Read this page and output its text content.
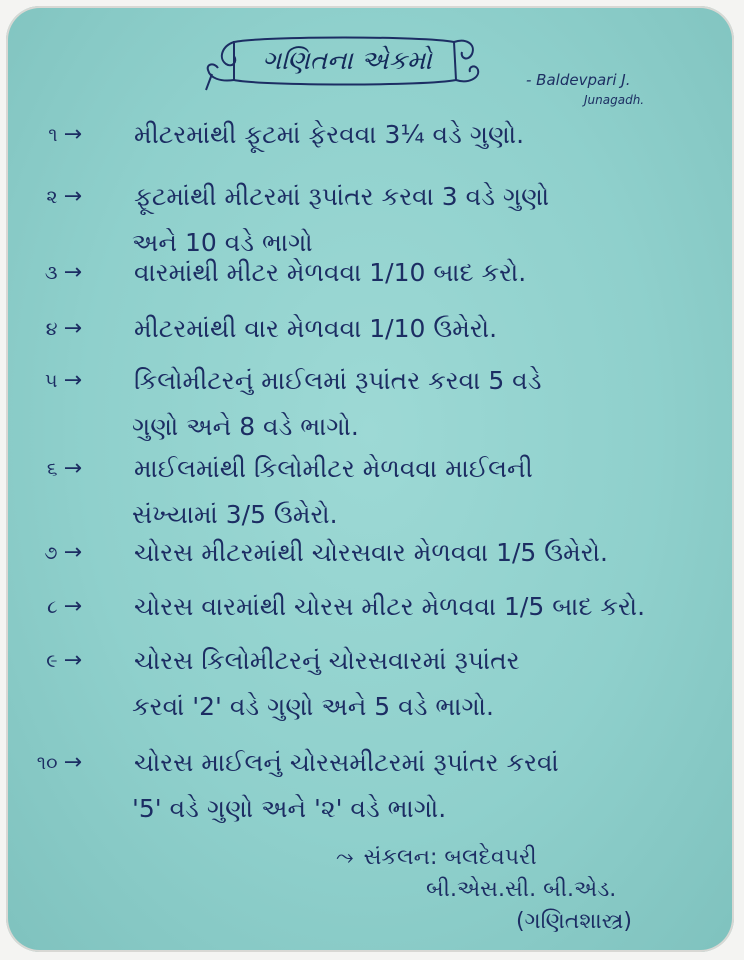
ગણિતના એકમો
- Baldevpari J.
Junagadh.
૧ → મીટરમાંથી ફૂટમાં ફેરવવા 3¼ વડે ગુણો.
૨ → ફૂટમાંથી મીટરમાં રૂપાંતર કરવા 3 વડે ગુણો
અને 10 વડે ભાગો
૩ → વારમાંથી મીટર મેળવવા 1/10 બાદ કરો.
૪ → મીટરમાંથી વાર મેળવવા 1/10 ઉમેરો.
૫ → કિલોમીટરનું માઈલમાં રૂપાંતર કરવા 5 વડે
ગુણો અને 8 વડે ભાગો.
૬ → માઈલમાંથી કિલોમીટર મેળવવા માઈલની
સંખ્યામાં 3/5 ઉમેરો.
૭ → ચોરસ મીટરમાંથી ચોરસવાર મેળવવા 1/5 ઉમેરો.
૮ → ચોરસ વારમાંથી ચોરસ મીટર મેળવવા 1/5 બાદ કરો.
૯ → ચોરસ કિલોમીટરનું ચોરસવારમાં રૂપાંતર
કરવાં '2' વડે ગુણો અને 5 વડે ભાગો.
૧૦ → ચોરસ માઈલનું ચોરસમીટરમાં રૂપાંતર કરવાં
'5' વડે ગુણો અને '૨' વડે ભાગો.
⤳ સંકલન: બલદેવપરી
બી.એસ.સી. બી.એડ.
(ગણિતશાસ્ત્ર)
